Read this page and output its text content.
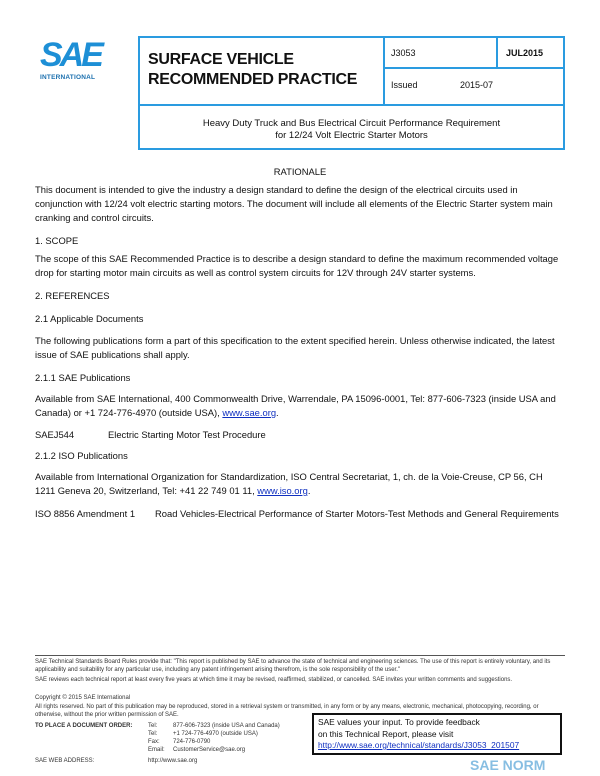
SAE
INTERNATIONAL
SURFACE VEHICLE
RECOMMENDED PRACTICE
J3053	JUL2015
Issued	2015-07
Heavy Duty Truck and Bus Electrical Circuit Performance Requirement
for 12/24 Volt Electric Starter Motors
RATIONALE

This document is intended to give the industry a design standard to define the design of the electrical circuits used in conjunction with 12/24 volt electric starting motors. The document will include all elements of the Electric Starter system main cranking and control circuits.

1. SCOPE

The scope of this SAE Recommended Practice is to describe a design standard to define the maximum recommended voltage drop for starting motor main circuits as well as control system circuits for 12V through 24V starter systems.

2. REFERENCES
2.1 Applicable Documents

The following publications form a part of this specification to the extent specified herein. Unless otherwise indicated, the latest issue of SAE publications shall apply.

2.1.1 SAE Publications

Available from SAE International, 400 Commonwealth Drive, Warrendale, PA 15096-0001, Tel: 877-606-7323 (inside USA and Canada) or +1 724-776-4970 (outside USA), www.sae.org.

SAEJ544	Electric Starting Motor Test Procedure
2.1.2 ISO Publications

Available from International Organization for Standardization, ISO Central Secretariat, 1, ch. de la Voie-Creuse, CP 56, CH 1211 Geneva 20, Switzerland, Tel: +41 22 749 01 11, www.iso.org.

ISO 8856 Amendment 1 Road Vehicles-Electrical Performance of Starter Motors-Test Methods and General Requirements

SAE Technical Standards Board Rules provide that: "This report is published by SAE to advance the state of technical and engineering sciences. The use of this report is entirely voluntary, and its applicability and suitability for any particular use, including any patent infringement arising therefrom, is the sole responsibility of the user."

SAE reviews each technical report at least every five years at which time it may be revised, reaffirmed, stabilized, or cancelled. SAE invites your written comments and suggestions.

Copyright © 2015 SAE International

All rights reserved. No part of this publication may be reproduced, stored in a retrieval system or transmitted, in any form or by any means, electronic, mechanical, photocopying, recording, or otherwise, without the prior written permission of SAE.

TO PLACE A DOCUMENT ORDER:	Tel:	877-606-7323 (inside USA and Canada)
Tel:	+1 724-776-4970 (outside USA)
Fax: 724-776-0790
Email: CustomerService@sae.org
SAE WEB ADDRESS:	http://www.sae.org
SAE values your input. To provide feedback
on this Technical Report, please visit
http://www.sae.org/technical/standards/J3053_201507
SAE NORM
